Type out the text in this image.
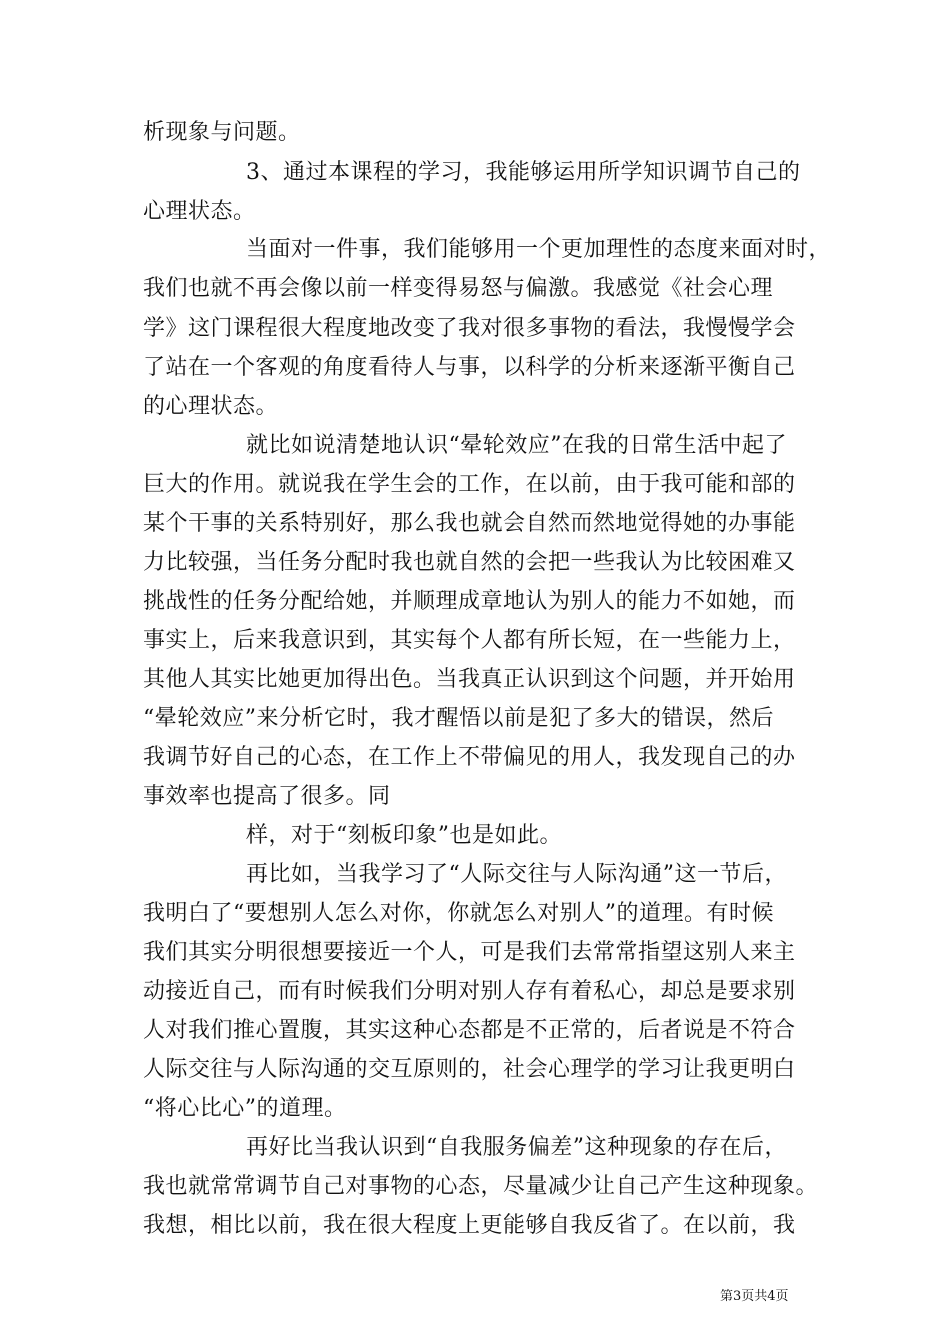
析现象与问题。
3、通过本课程的学习，我能够运用所学知识调节自己的
心理状态。
当面对一件事，我们能够用一个更加理性的态度来面对时，
我们也就不再会像以前一样变得易怒与偏激。我感觉《社会心理
学》这门课程很大程度地改变了我对很多事物的看法，我慢慢学会
了站在一个客观的角度看待人与事，以科学的分析来逐渐平衡自己
的心理状态。
就比如说清楚地认识“晕轮效应”在我的日常生活中起了
巨大的作用。就说我在学生会的工作，在以前，由于我可能和部的
某个干事的关系特别好，那么我也就会自然而然地觉得她的办事能
力比较强，当任务分配时我也就自然的会把一些我认为比较困难又
挑战性的任务分配给她，并顺理成章地认为别人的能力不如她，而
事实上，后来我意识到，其实每个人都有所长短，在一些能力上，
其他人其实比她更加得出色。当我真正认识到这个问题，并开始用
“晕轮效应”来分析它时，我才醒悟以前是犯了多大的错误，然后
我调节好自己的心态，在工作上不带偏见的用人，我发现自己的办
事效率也提高了很多。同
样，对于“刻板印象”也是如此。
再比如，当我学习了“人际交往与人际沟通”这一节后，
我明白了“要想别人怎么对你，你就怎么对别人”的道理。有时候
我们其实分明很想要接近一个人，可是我们去常常指望这别人来主
动接近自己，而有时候我们分明对别人存有着私心，却总是要求别
人对我们推心置腹，其实这种心态都是不正常的，后者说是不符合
人际交往与人际沟通的交互原则的，社会心理学的学习让我更明白
“将心比心”的道理。
再好比当我认识到“自我服务偏差”这种现象的存在后，
我也就常常调节自己对事物的心态，尽量减少让自己产生这种现象。
我想，相比以前，我在很大程度上更能够自我反省了。在以前，我
第3页共4页
